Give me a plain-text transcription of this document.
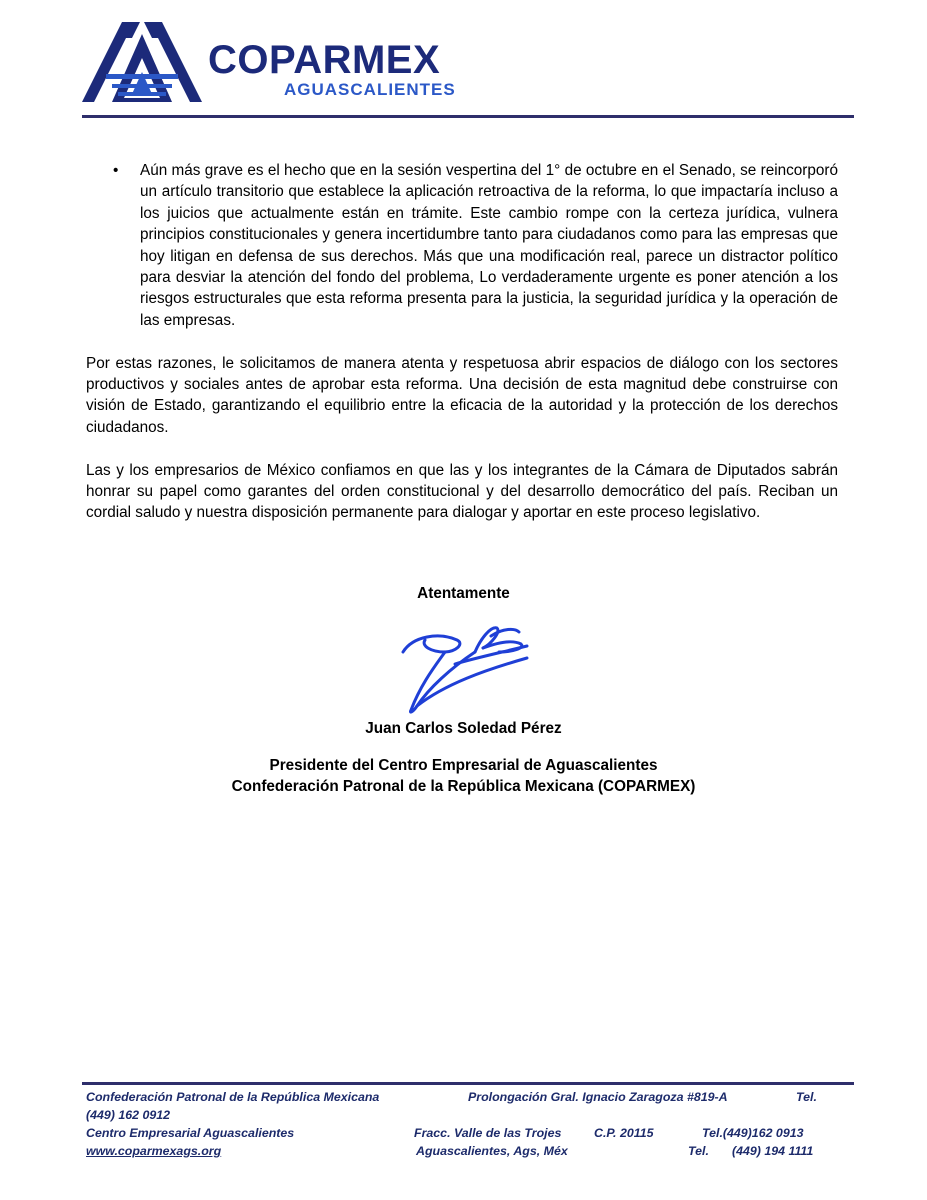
COPARMEX
AGUASCALIENTES
• Aún más grave es el hecho que en la sesión vespertina del 1° de octubre en el Senado, se reincorporó un artículo transitorio que establece la aplicación retroactiva de la reforma, lo que impactaría incluso a los juicios que actualmente están en trámite. Este cambio rompe con la certeza jurídica, vulnera principios constitucionales y genera incertidumbre tanto para ciudadanos como para las empresas que hoy litigan en defensa de sus derechos. Más que una modificación real, parece un distractor político para desviar la atención del fondo del problema, Lo verdaderamente urgente es poner atención a los riesgos estructurales que esta reforma presenta para la justicia, la seguridad jurídica y la operación de las empresas.

Por estas razones, le solicitamos de manera atenta y respetuosa abrir espacios de diálogo con los sectores productivos y sociales antes de aprobar esta reforma. Una decisión de esta magnitud debe construirse con visión de Estado, garantizando el equilibrio entre la eficacia de la autoridad y la protección de los derechos ciudadanos.

Las y los empresarios de México confiamos en que las y los integrantes de la Cámara de Diputados sabrán honrar su papel como garantes del orden constitucional y del desarrollo democrático del país. Reciban un cordial saludo y nuestra disposición permanente para dialogar y aportar en este proceso legislativo.

Atentamente
Juan Carlos Soledad Pérez
Presidente del Centro Empresarial de Aguascalientes
Confederación Patronal de la República Mexicana (COPARMEX)
Confederación Patronal de la República Mexicana	Prolongación Gral. Ignacio Zaragoza #819-A	Tel.
(449) 162 0912
Centro Empresarial Aguascalientes	Fracc. Valle de las Trojes	C.P. 20115	Tel.(449)162 0913
www.coparmexags.org	Aguascalientes, Ags, Méx	Tel. (449) 194 1111
